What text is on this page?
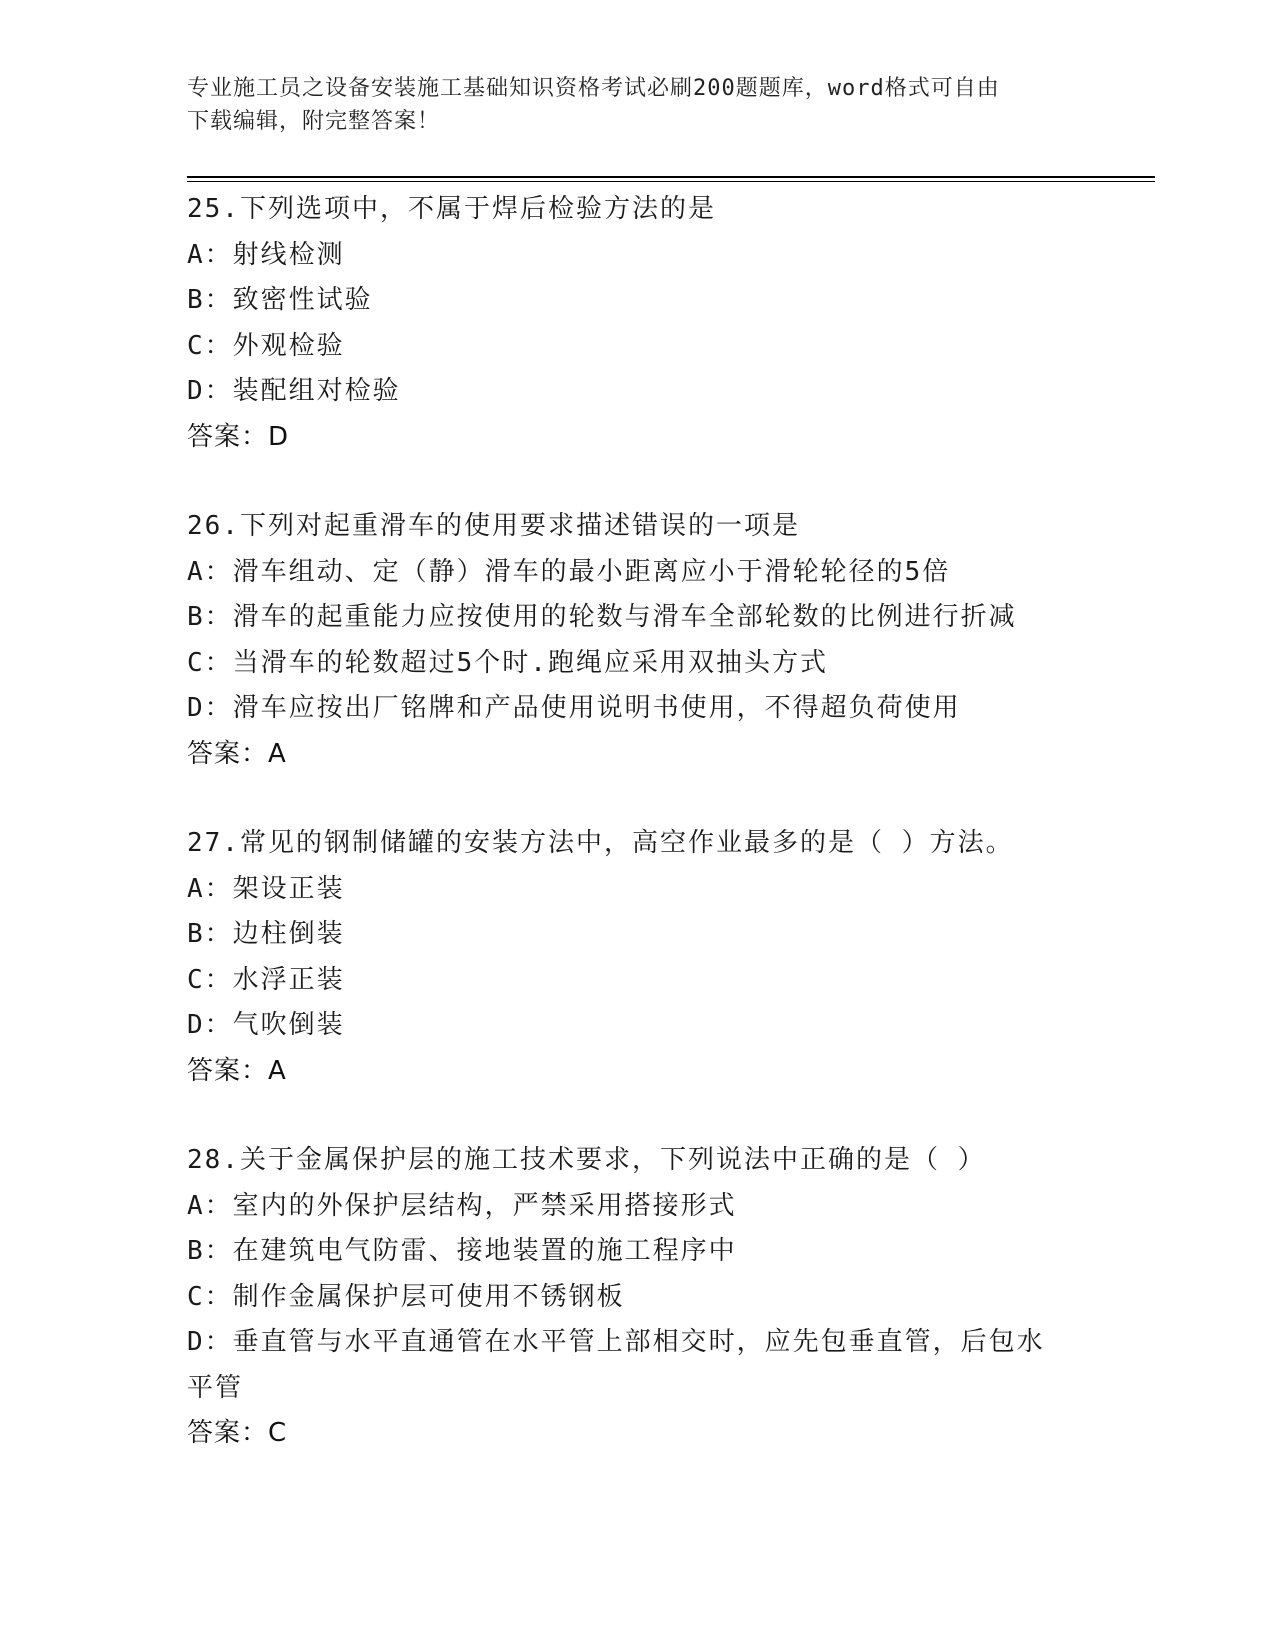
专业施工员之设备安装施工基础知识资格考试必刷200题题库，word格式可自由
下载编辑，附完整答案！
25.下列选项中，不属于焊后检验方法的是
A：射线检测
B：致密性试验
C：外观检验
D：装配组对检验
答案：D
26.下列对起重滑车的使用要求描述错误的一项是
A：滑车组动、定（静）滑车的最小距离应小于滑轮轮径的5倍
B：滑车的起重能力应按使用的轮数与滑车全部轮数的比例进行折减
C：当滑车的轮数超过5个时.跑绳应采用双抽头方式
D：滑车应按出厂铭牌和产品使用说明书使用，不得超负荷使用
答案：A
27.常见的钢制储罐的安装方法中，高空作业最多的是（ ）方法。
A：架设正装
B：边柱倒装
C：水浮正装
D：气吹倒装
答案：A
28.关于金属保护层的施工技术要求，下列说法中正确的是（ ）
A：室内的外保护层结构，严禁采用搭接形式
B：在建筑电气防雷、接地装置的施工程序中
C：制作金属保护层可使用不锈钢板
D：垂直管与水平直通管在水平管上部相交时，应先包垂直管，后包水平管
答案：C
